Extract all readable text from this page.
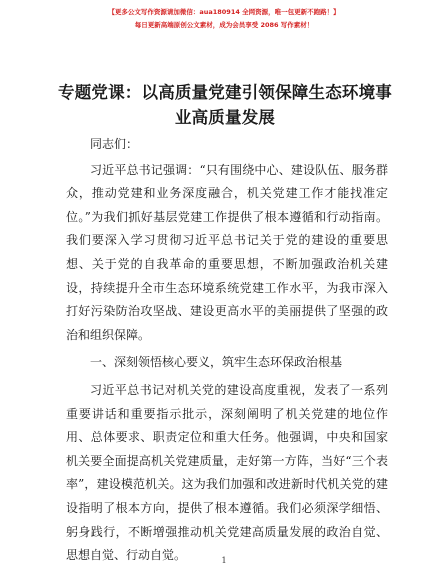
【更多公文写作资源请加微信：aua180914 全网资源，唯一包更新不跑路！】
每日更新高端原创公文素材，成为会员享受 2086 写作素材！
专题党课：以高质量党建引领保障生态环境事
业高质量发展

同志们：

习近平总书记强调：“只有围绕中心、建设队伍、服务群众，推动党建和业务深度融合，机关党建工作才能找准定位。”为我们抓好基层党建工作提供了根本遵循和行动指南。我们要深入学习贯彻习近平总书记关于党的建设的重要思想、关于党的自我革命的重要思想，不断加强政治机关建设，持续提升全市生态环境系统党建工作水平，为我市深入打好污染防治攻坚战、建设更高水平的美丽提供了坚强的政治和组织保障。

一、深刻领悟核心要义，筑牢生态环保政治根基

习近平总书记对机关党的建设高度重视，发表了一系列重要讲话和重要指示批示，深刻阐明了机关党建的地位作用、总体要求、职责定位和重大任务。他强调，中央和国家机关要全面提高机关党建质量，走好第一方阵，当好“三个表率”，建设模范机关。这为我们加强和改进新时代机关党的建设指明了根本方向，提供了根本遵循。我们必须深学细悟、躬身践行，不断增强推动机关党建高质量发展的政治自觉、思想自觉、行动自觉。	1
